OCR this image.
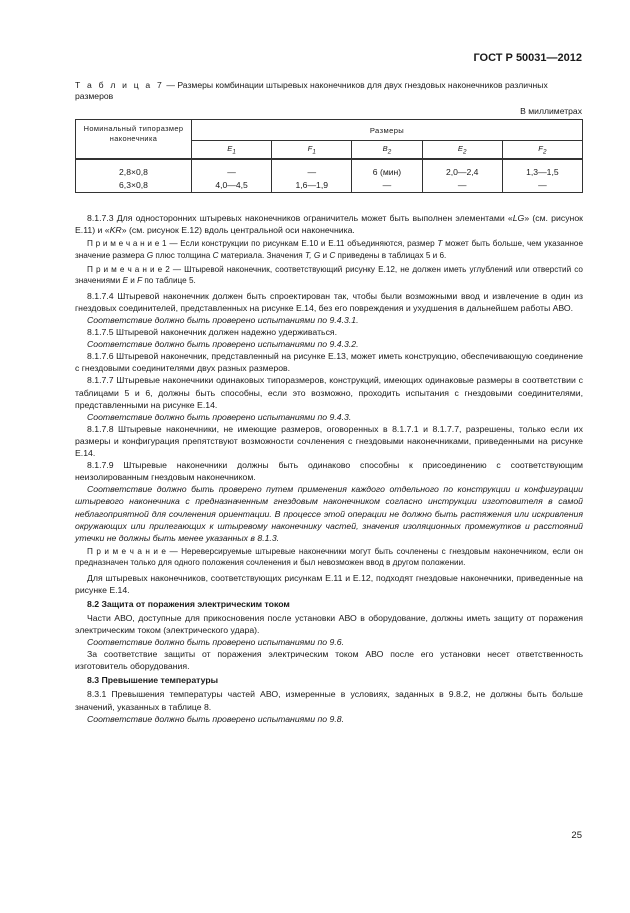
ГОСТ Р 50031—2012
Т а б л и ц а 7 — Размеры комбинации штыревых наконечников для двух гнездовых наконечников различных размеров
В миллиметрах
Номинальный типоразмер наконечника	Размеры				
	$E_1$	$F_1$	$B_2$	$E_2$	$F_2$

2,8×0,8	—	—	6 (мин)	2,0—2,4	1,3—1,5
6,3×0,8	4,0—4,5	1,6—1,9	—	—	—

8.1.7.3 Для односторонних штыревых наконечников ограничитель может быть выполнен элементами «LG» (см. рисунок Е.11) и «KR» (см. рисунок Е.12) вдоль центральной оси наконечника.

П р и м е ч а н и е 1 — Если конструкции по рисункам Е.10 и Е.11 объединяются, размер T может быть больше, чем указанное значение размера G плюс толщина C материала. Значения T, G и C приведены в таблицах 5 и 6.

П р и м е ч а н и е 2 — Штыревой наконечник, соответствующий рисунку Е.12, не должен иметь углублений или отверстий со значениями E и F по таблице 5.

8.1.7.4 Штыревой наконечник должен быть спроектирован так, чтобы были возможными ввод и извлечение в один из гнездовых соединителей, представленных на рисунке Е.14, без его повреждения и ухудшения в дальнейшем работы АВО.

Соответствие должно быть проверено испытаниями по 9.4.3.1.

8.1.7.5 Штыревой наконечник должен надежно удерживаться.

Соответствие должно быть проверено испытаниями по 9.4.3.2.

8.1.7.6 Штыревой наконечник, представленный на рисунке Е.13, может иметь конструкцию, обеспечивающую соединение с гнездовыми соединителями двух разных размеров.

8.1.7.7 Штыревые наконечники одинаковых типоразмеров, конструкций, имеющих одинаковые размеры в соответствии с таблицами 5 и 6, должны быть способны, если это возможно, проходить испытания с гнездовыми соединителями, представленными на рисунке Е.14.

Соответствие должно быть проверено испытаниями по 9.4.3.

8.1.7.8 Штыревые наконечники, не имеющие размеров, оговоренных в 8.1.7.1 и 8.1.7.7, разрешены, только если их размеры и конфигурация препятствуют возможности сочленения с гнездовыми наконечниками, приведенными на рисунке Е.14.

8.1.7.9 Штыревые наконечники должны быть одинаково способны к присоединению с соответствующим неизолированным гнездовым наконечником.

Соответствие должно быть проверено путем применения каждого отдельного по конструкции и конфигурации штыревого наконечника с предназначенным гнездовым наконечником согласно инструкции изготовителя в самой неблагоприятной для сочленения ориентации. В процессе этой операции не должно быть растяжения или искривления окружающих или прилегающих к штыревому наконечнику частей, значения изоляционных промежутков и расстояний утечки не должны быть менее указанных в 8.1.3.

П р и м е ч а н и е — Нереверсируемые штыревые наконечники могут быть сочленены с гнездовым наконечником, если он предназначен только для одного положения сочленения и был невозможен ввод в другом положении.

Для штыревых наконечников, соответствующих рисункам Е.11 и Е.12, подходят гнездовые наконечники, приведенные на рисунке Е.14.

8.2 Защита от поражения электрическим током

Части АВО, доступные для прикосновения после установки АВО в оборудование, должны иметь защиту от поражения электрическим током (электрического удара).

Соответствие должно быть проверено испытаниями по 9.6.

За соответствие защиты от поражения электрическим током АВО после его установки несет ответственность изготовитель оборудования.

8.3 Превышение температуры

8.3.1 Превышения температуры частей АВО, измеренные в условиях, заданных в 9.8.2, не должны быть больше значений, указанных в таблице 8.

Соответствие должно быть проверено испытаниями по 9.8.

25
